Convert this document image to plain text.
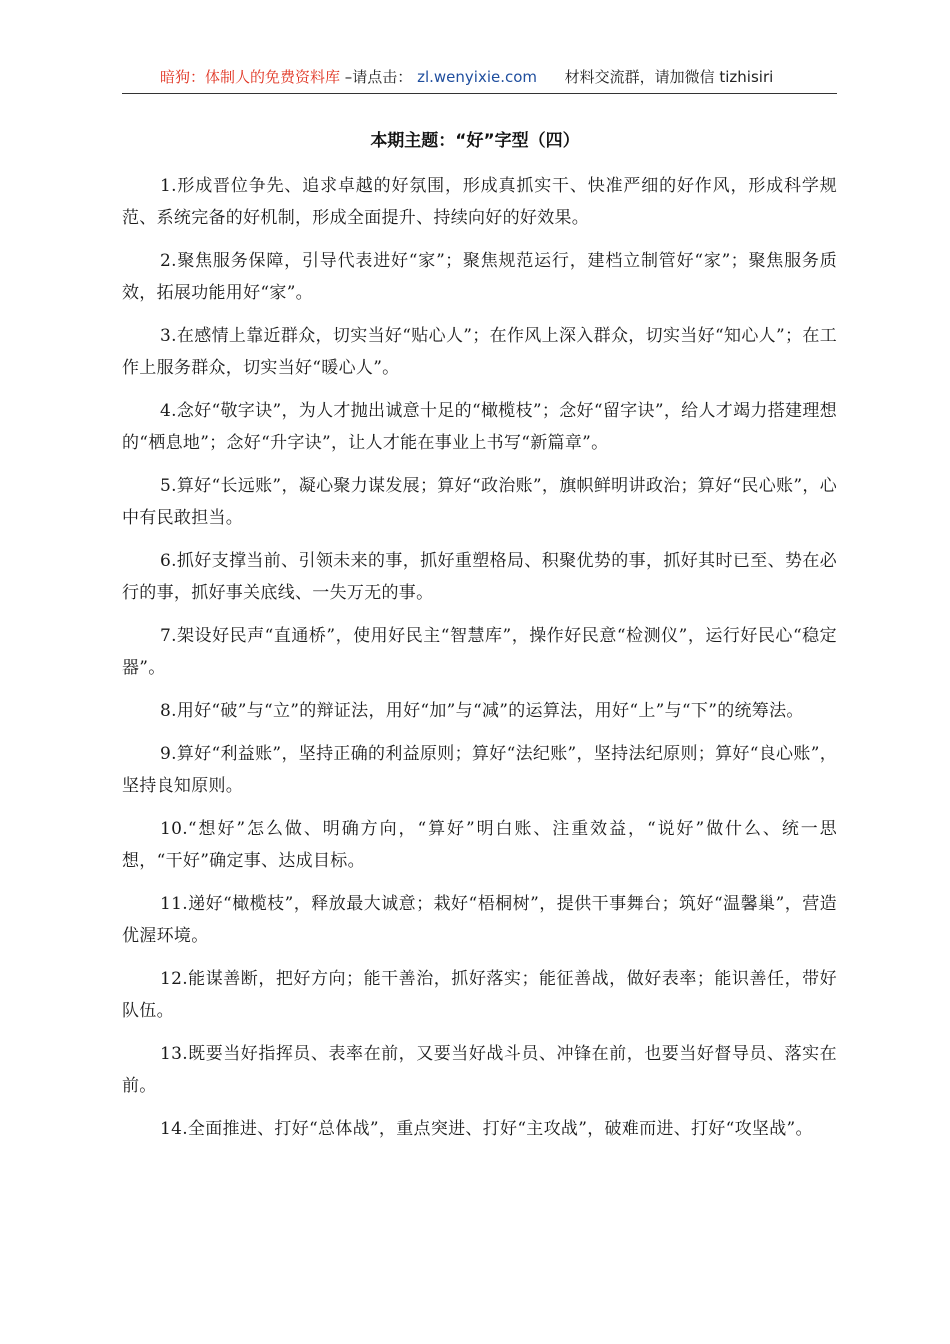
暗狗：体制人的免费资料库 –请点击： zl.wenyixie.com 材料交流群，请加微信 tizhisiri
本期主题：“好”字型（四）

1.形成晋位争先、追求卓越的好氛围，形成真抓实干、快准严细的好作风，形成科学规范、系统完备的好机制，形成全面提升、持续向好的好效果。

2.聚焦服务保障，引导代表进好“家”；聚焦规范运行，建档立制管好“家”；聚焦服务质效，拓展功能用好“家”。

3.在感情上靠近群众，切实当好“贴心人”；在作风上深入群众，切实当好“知心人”；在工作上服务群众，切实当好“暖心人”。

4.念好“敬字诀”，为人才抛出诚意十足的“橄榄枝”；念好“留字诀”，给人才竭力搭建理想的“栖息地”；念好“升字诀”，让人才能在事业上书写“新篇章”。

5.算好“长远账”，凝心聚力谋发展；算好“政治账”，旗帜鲜明讲政治；算好“民心账”，心中有民敢担当。

6.抓好支撑当前、引领未来的事，抓好重塑格局、积聚优势的事，抓好其时已至、势在必行的事，抓好事关底线、一失万无的事。

7.架设好民声“直通桥”，使用好民主“智慧库”，操作好民意“检测仪”，运行好民心“稳定器”。

8.用好“破”与“立”的辩证法，用好“加”与“减”的运算法，用好“上”与“下”的统筹法。

9.算好“利益账”，坚持正确的利益原则；算好“法纪账”，坚持法纪原则；算好“良心账”，坚持良知原则。

10.“想好”怎么做、明确方向，“算好”明白账、注重效益，“说好”做什么、统一思想，“干好”确定事、达成目标。

11.递好“橄榄枝”，释放最大诚意；栽好“梧桐树”，提供干事舞台；筑好“温馨巢”，营造优渥环境。

12.能谋善断，把好方向；能干善治，抓好落实；能征善战，做好表率；能识善任，带好队伍。

13.既要当好指挥员、表率在前，又要当好战斗员、冲锋在前，也要当好督导员、落实在前。

14.全面推进、打好“总体战”，重点突进、打好“主攻战”，破难而进、打好“攻坚战”。
